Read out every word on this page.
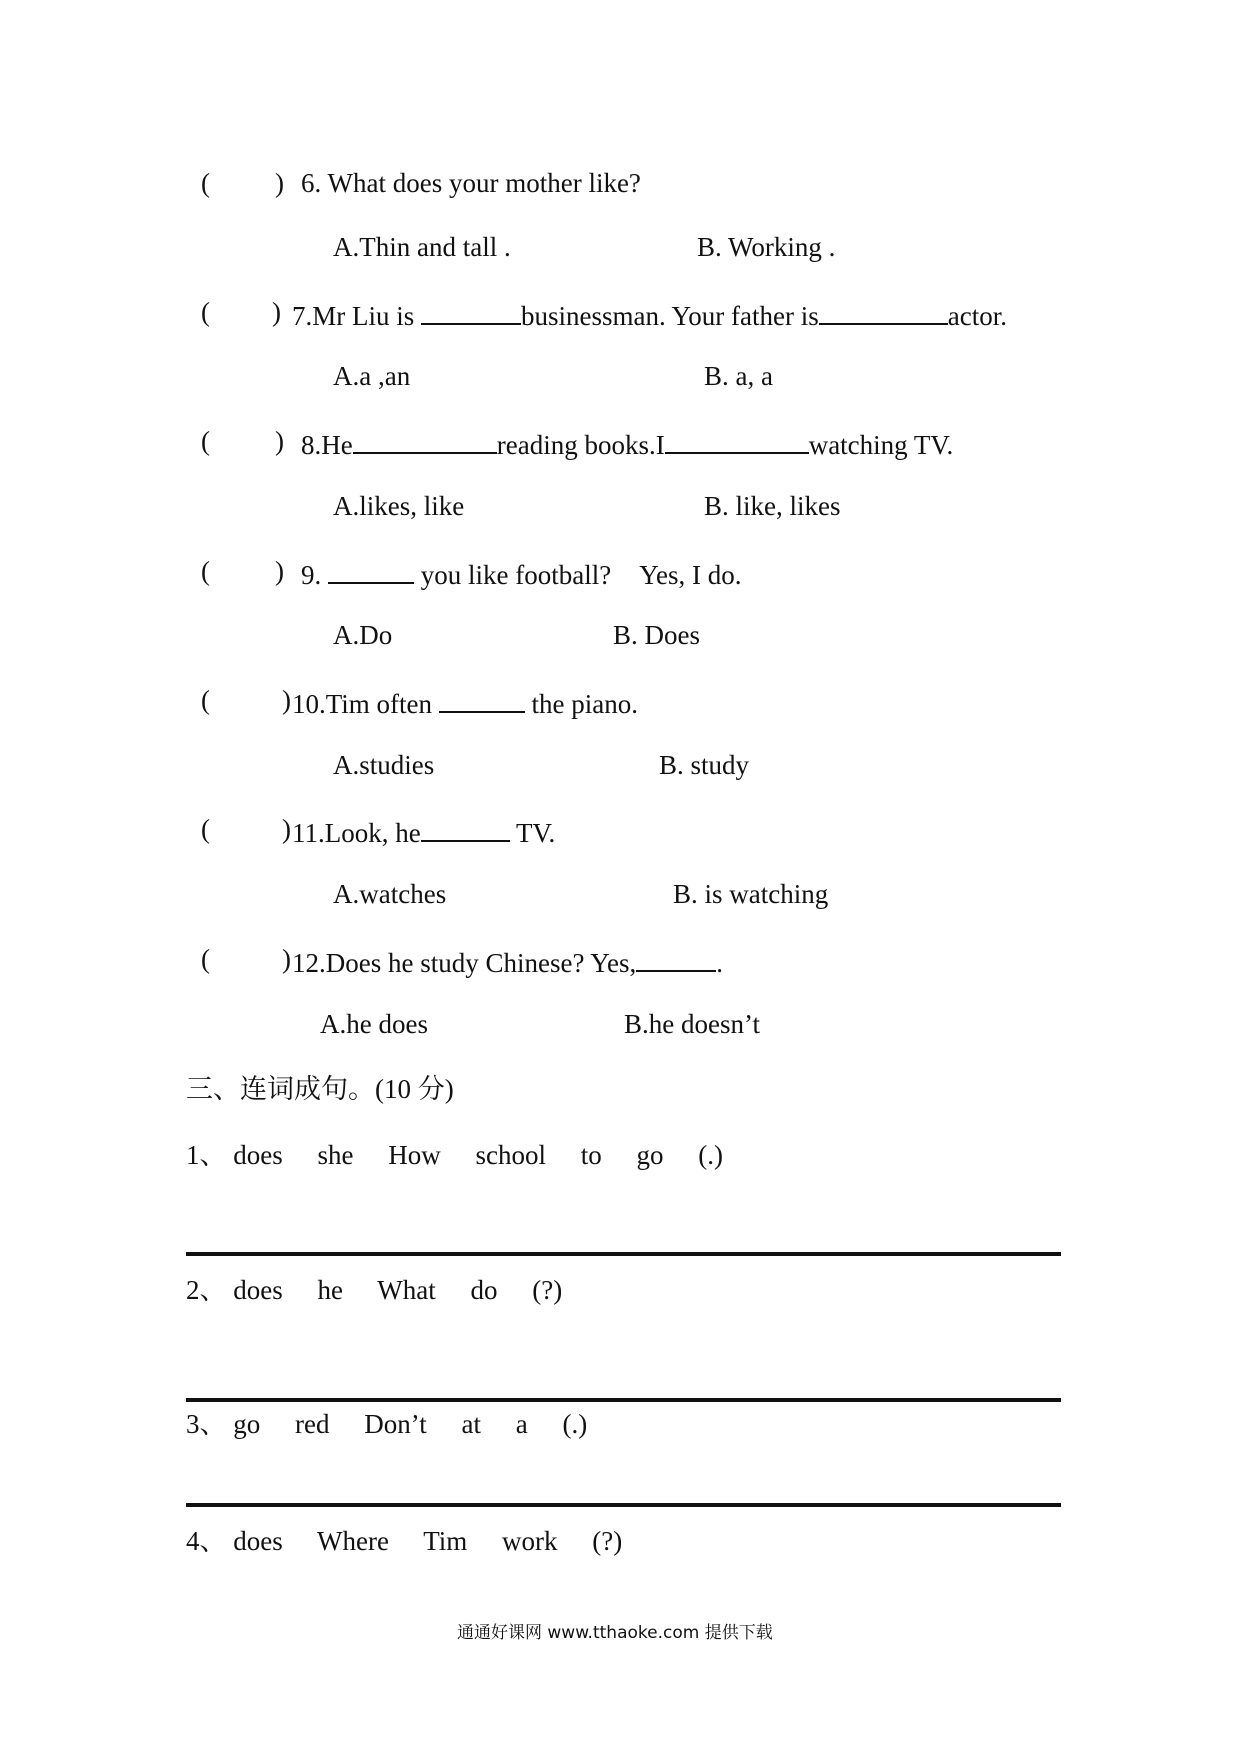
( ) 6. What does your mother like?
A.Thin and tall .	B. Working .
( ) 7.Mr Liu is	businessman. Your father is	actor.
A.a ,an	B. a, a
( ) 8.He	reading books.I	watching TV.
A.likes, like	B. like, likes
( ) 9.	you like football? Yes, I do.
A.Do	B. Does
(	) 10.Tim often	the piano.
A.studies	B. study
(	) 11.Look, he	TV.
A.watches	B. is watching
(	) 12.Does he study Chinese? Yes,	.
A.he does	B.he doesn’t
三、连词成句。(10 分)
1、 does she How school to go (.)
2、 does he What do (?)
3、 go red Don’t at a (.)
4、 does Where Tim work (?)
通通好课网 www.tthaoke.com 提供下载
